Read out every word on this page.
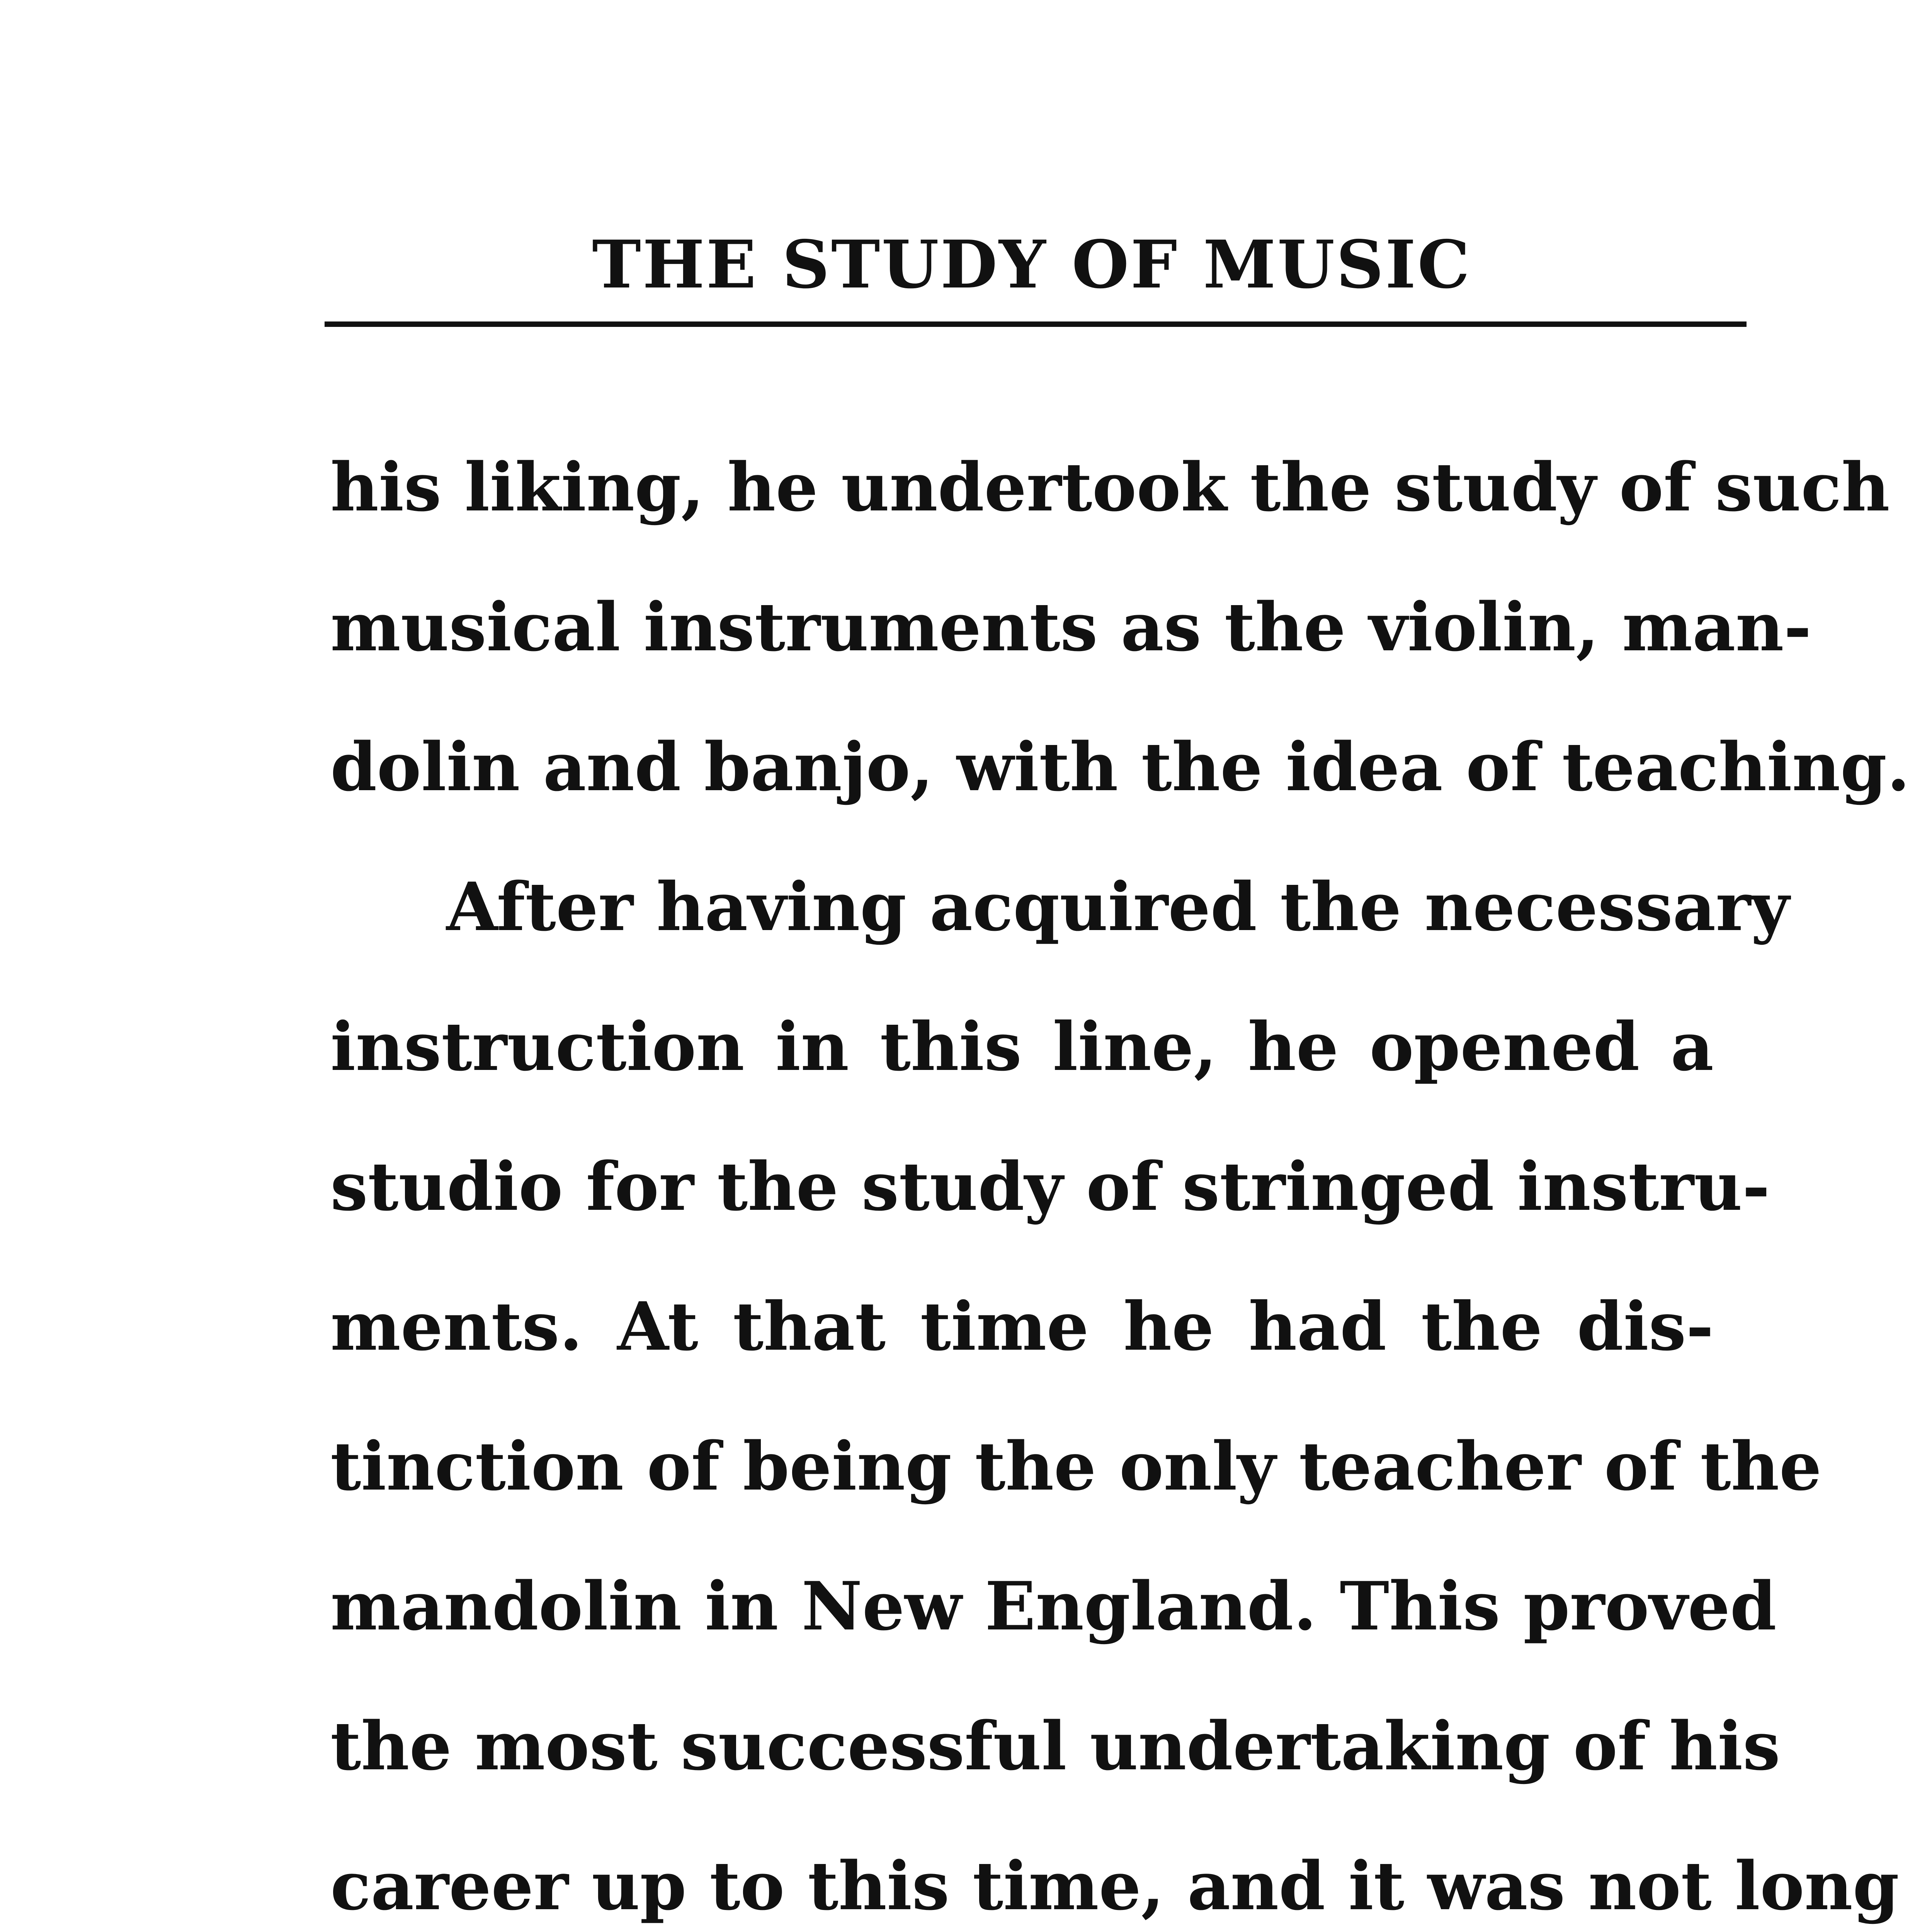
THE STUDY OF MUSIC
his liking, he undertook the study of such
musical instruments as the violin, man-
dolin and banjo, with the idea of teaching.
After having acquired the necessary
instruction in this line, he opened a
studio for the study of stringed instru-
ments. At that time he had the dis-
tinction of being the only teacher of the
mandolin in New England. This proved
the most successful undertaking of his
career up to this time, and it was not long
